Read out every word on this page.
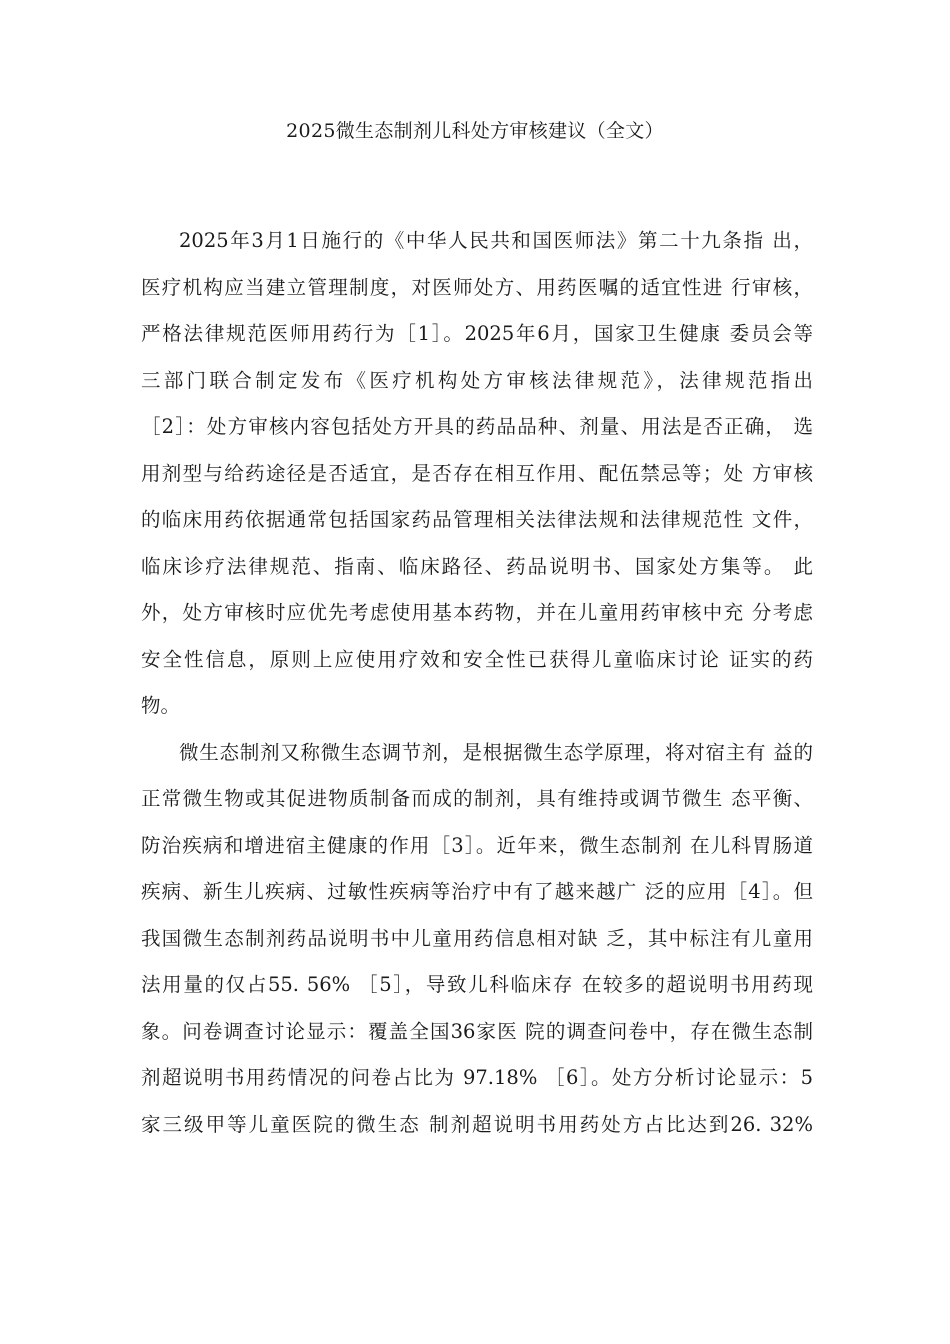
2025微生态制剂儿科处方审核建议（全文）
2025年3月1日施行的《中华人民共和国医师法》第二十九条指 出，
医疗机构应当建立管理制度，对医师处方、用药医嘱的适宜性进 行审核，
严格法律规范医师用药行为［1］。2025年6月，国家卫生健康 委员会等
三部门联合制定发布《医疗机构处方审核法律规范》，法律规范指出
［2］：处方审核内容包括处方开具的药品品种、剂量、用法是否正确， 选
用剂型与给药途径是否适宜，是否存在相互作用、配伍禁忌等；处 方审核
的临床用药依据通常包括国家药品管理相关法律法规和法律规范性 文件，
临床诊疗法律规范、指南、临床路径、药品说明书、国家处方集等。 此
外，处方审核时应优先考虑使用基本药物，并在儿童用药审核中充 分考虑
安全性信息，原则上应使用疗效和安全性已获得儿童临床讨论 证实的药
物。
微生态制剂又称微生态调节剂，是根据微生态学原理，将对宿主有 益的
正常微生物或其促进物质制备而成的制剂，具有维持或调节微生 态平衡、
防治疾病和增进宿主健康的作用［3］。近年来，微生态制剂 在儿科胃肠道
疾病、新生儿疾病、过敏性疾病等治疗中有了越来越广 泛的应用［4］。但
我国微生态制剂药品说明书中儿童用药信息相对缺 乏，其中标注有儿童用
法用量的仅占55. 56% ［5］，导致儿科临床存 在较多的超说明书用药现
象。问卷调查讨论显示：覆盖全国36家医 院的调查问卷中，存在微生态制
剂超说明书用药情况的问卷占比为 97.18% ［6］。处方分析讨论显示：5
家三级甲等儿童医院的微生态 制剂超说明书用药处方占比达到26. 32%
